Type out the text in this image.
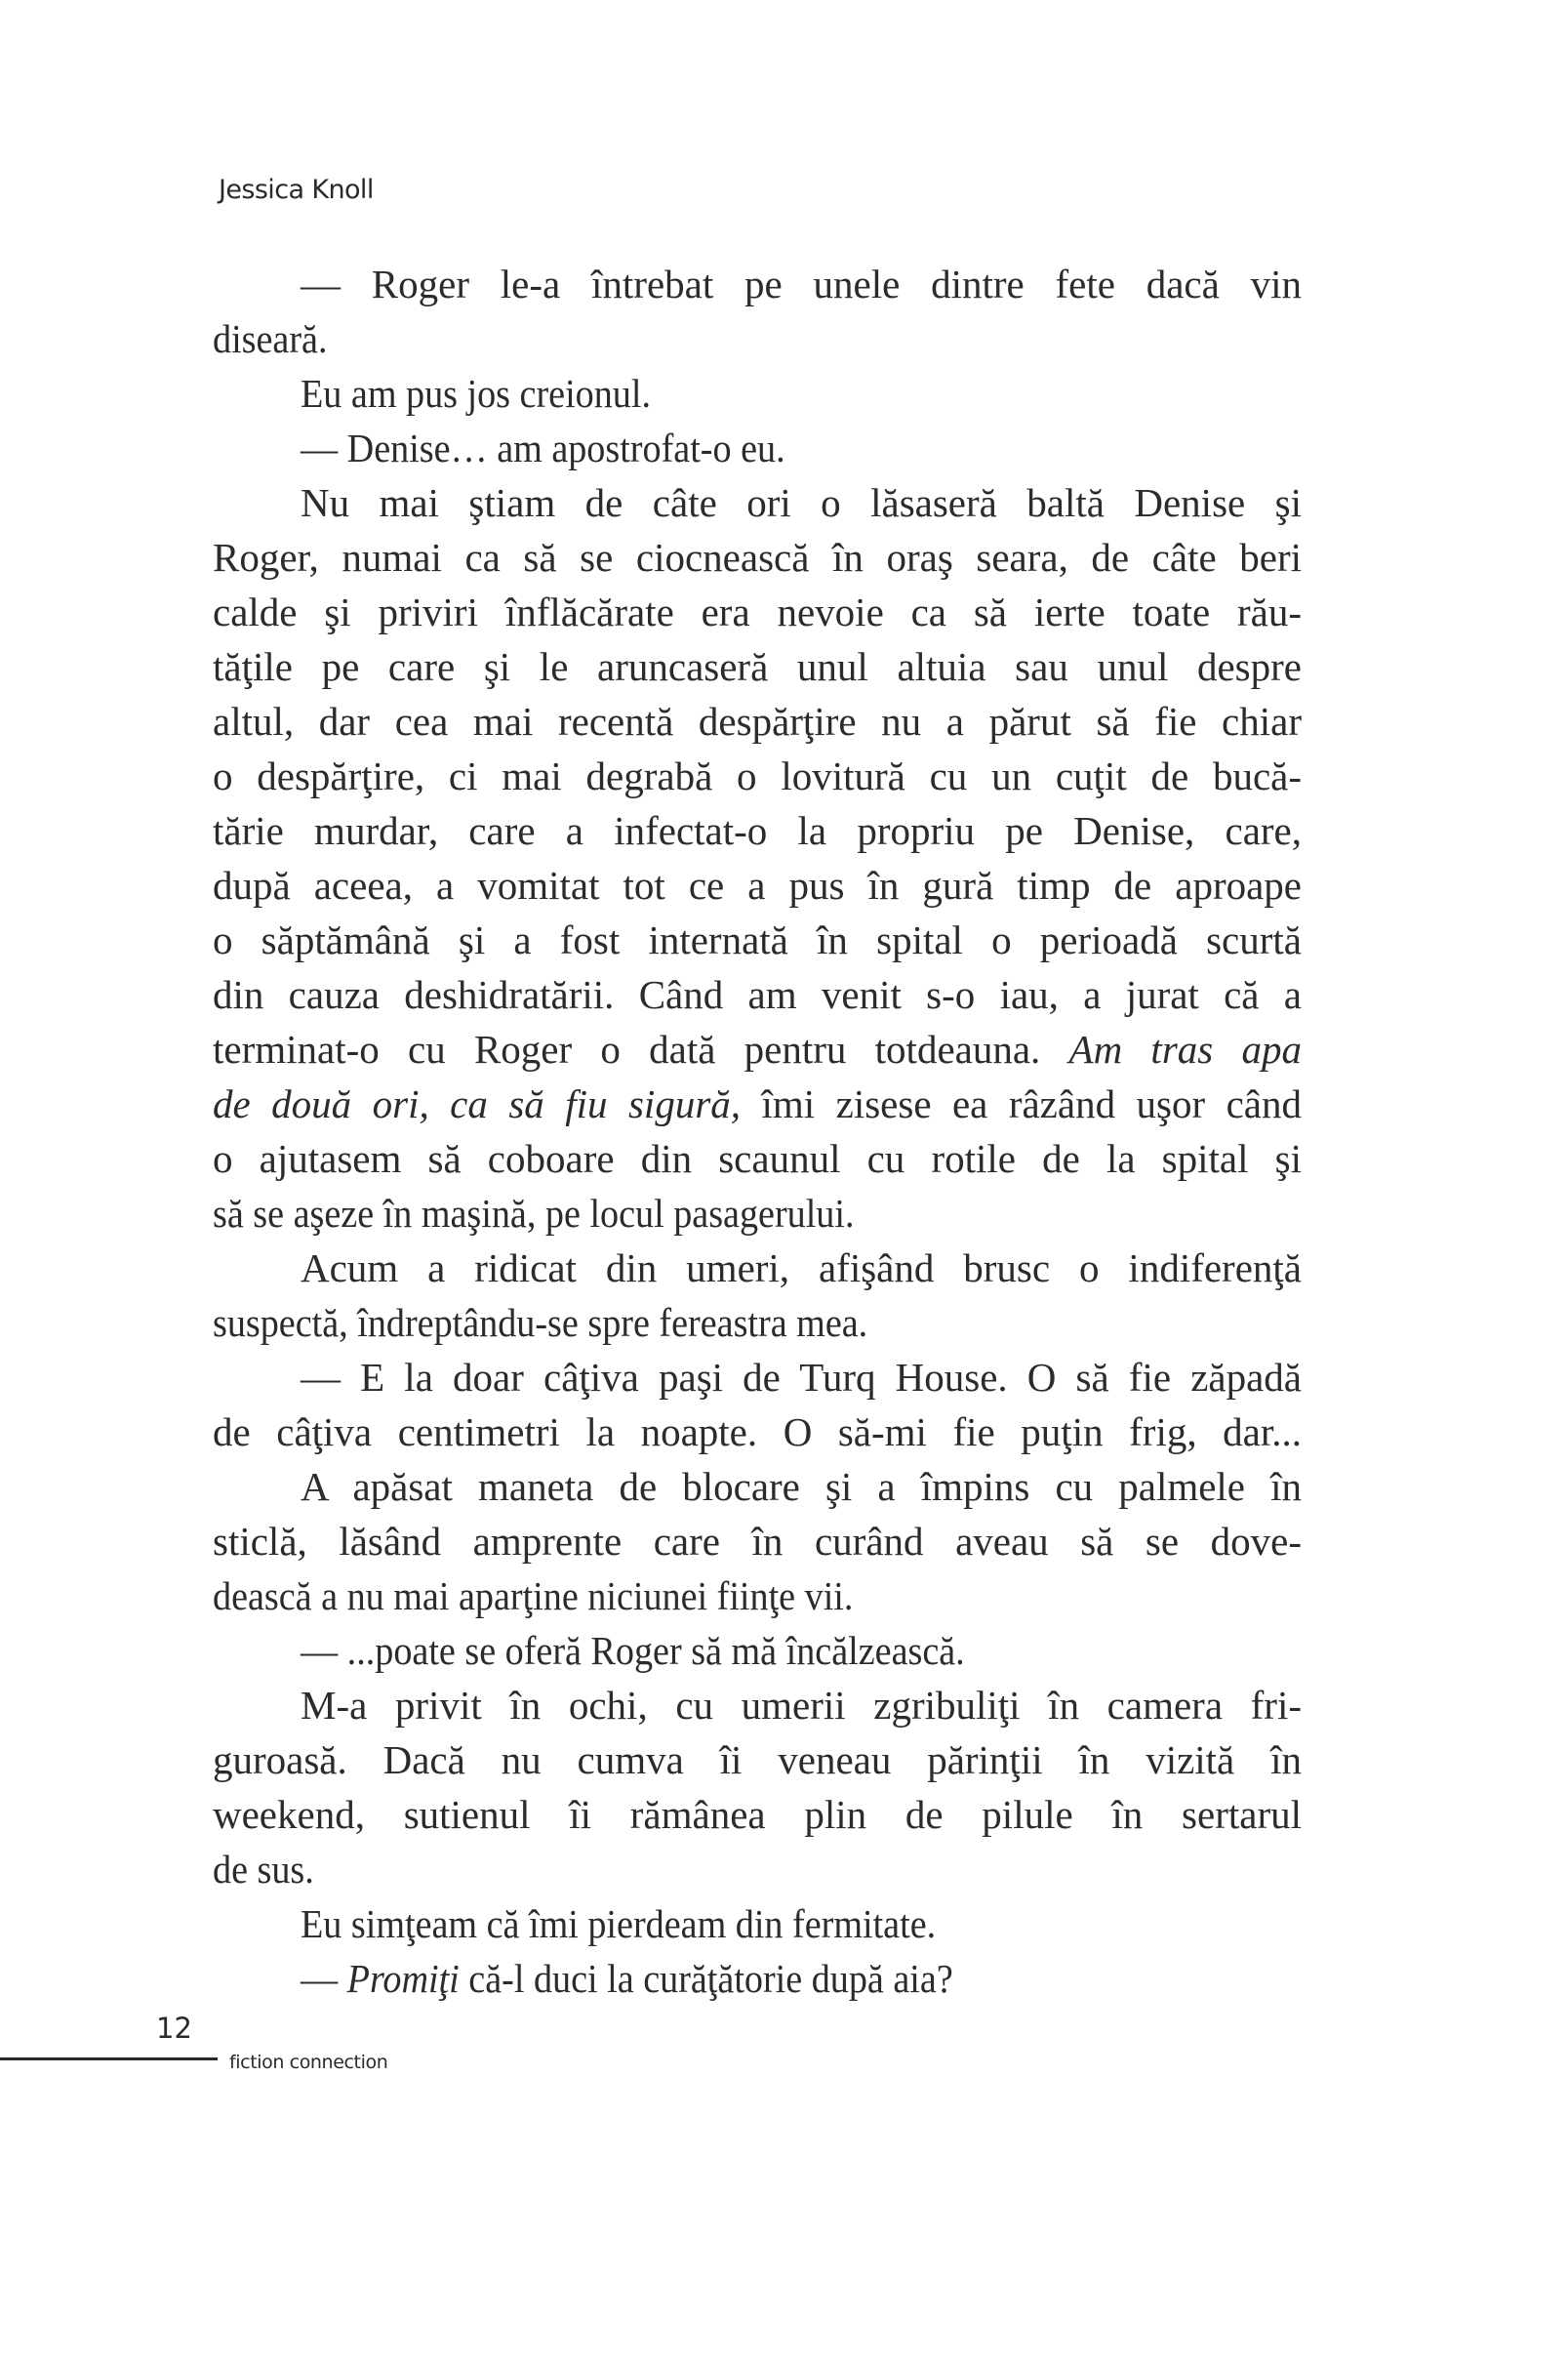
Jessica Knoll

— Roger le-a întrebat pe unele dintre fete dacă vin
diseară.
Eu am pus jos creionul.
— Denise… am apostrofat-o eu.
Nu mai ştiam de câte ori o lăsaseră baltă Denise şi
Roger, numai ca să se ciocnească în oraş seara, de câte beri
calde şi priviri înflăcărate era nevoie ca să ierte toate rău-
tăţile pe care şi le aruncaseră unul altuia sau unul despre
altul, dar cea mai recentă despărţire nu a părut să fie chiar
o despărţire, ci mai degrabă o lovitură cu un cuţit de bucă-
tărie murdar, care a infectat-o la propriu pe Denise, care,
după aceea, a vomitat tot ce a pus în gură timp de aproape
o săptămână şi a fost internată în spital o perioadă scurtă
din cauza deshidratării. Când am venit s-o iau, a jurat că a
terminat-o cu Roger o dată pentru totdeauna. Am tras apa
de două ori, ca să fiu sigură, îmi zisese ea râzând uşor când
o ajutasem să coboare din scaunul cu rotile de la spital şi
să se aşeze în maşină, pe locul pasagerului.
Acum a ridicat din umeri, afişând brusc o indiferenţă
suspectă, îndreptându-se spre fereastra mea.
— E la doar câţiva paşi de Turq House. O să fie zăpadă
de câţiva centimetri la noapte. O să-mi fie puţin frig, dar...
A apăsat maneta de blocare şi a împins cu palmele în
sticlă, lăsând amprente care în curând aveau să se dove-
dească a nu mai aparţine niciunei fiinţe vii.
— ...poate se oferă Roger să mă încălzească.
M-a privit în ochi, cu umerii zgribuliţi în camera fri-
guroasă. Dacă nu cumva îi veneau părinţii în vizită în
weekend, sutienul îi rămânea plin de pilule în sertarul
de sus.
Eu simţeam că îmi pierdeam din fermitate.
— Promiţi că-l duci la curăţătorie după aia?

12

fiction connection
